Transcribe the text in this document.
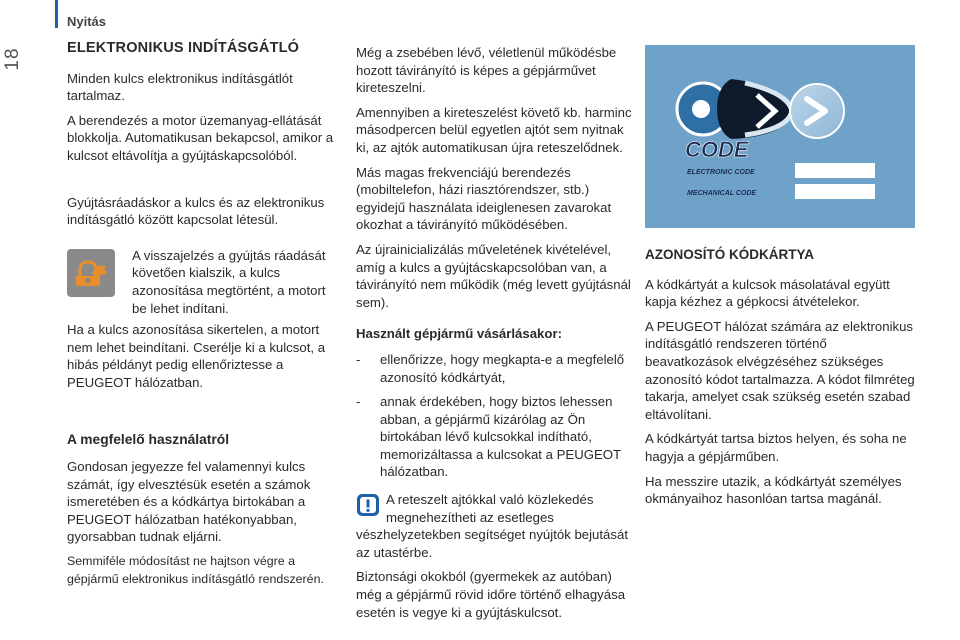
Nyitás
18	ELEKTRONIKUS INDÍTÁSGÁTLÓ

Minden kulcs elektronikus indításgátlót tartalmaz.

A berendezés a motor üzemanyag-ellátását blokkolja. Automatikusan bekapcsol, amikor a kulcsot eltávolítja a gyújtáskapcsolóból.

Gyújtásráadáskor a kulcs és az elektronikus indításgátló között kapcsolat létesül.

A visszajelzés a gyújtás ráadását követően kialszik, a kulcs azonosítása megtörtént, a motort be lehet indítani.

Ha a kulcs azonosítása sikertelen, a motort nem lehet beindítani. Cserélje ki a kulcsot, a hibás példányt pedig ellenőriztesse a PEUGEOT hálózatban.

A megfelelő használatról

Gondosan jegyezze fel valamennyi kulcs számát, így elvesztésük esetén a számok ismeretében és a kódkártya birtokában a PEUGEOT hálózatban hatékonyabban, gyorsabban tudnak eljárni.

Semmiféle módosítást ne hajtson végre a gépjármű elektronikus indításgátló rendszerén.

Még a zsebében lévő, véletlenül működésbe hozott távirányító is képes a gépjárművet kireteszelni.

Amennyiben a kireteszelést követő kb. harminc másodpercen belül egyetlen ajtót sem nyitnak ki, az ajtók automatikusan újra reteszelődnek.

Más magas frekvenciájú berendezés (mobiltelefon, házi riasztórendszer, stb.) egyidejű használata ideiglenesen zavarokat okozhat a távirányító működésében.

Az újrainicializálás műveletének kivételével, amíg a kulcs a gyújtácskapcsolóban van, a távirányító nem működik (még levett gyújtásnál sem).

Használt gépjármű vásárlásakor:
-	ellenőrizze, hogy megkapta-e a megfelelő azonosító kódkártyát,
-	annak érdekében, hogy biztos lehessen abban, a gépjármű kizárólag az Ön birtokában lévő kulcsokkal indítható, memorizáltassa a kulcsokat a PEUGEOT hálózatban.
A reteszelt ajtókkal való közlekedés megnehezítheti az esetleges vészhelyzetekben segítséget nyújtók bejutását az utastérbe.

Biztonsági okokból (gyermekek az autóban) még a gépjármű rövid időre történő elhagyása esetén is vegye ki a gyújtáskulcsot.

CODE
ELECTRONIC CODE
MECHANICAL CODE
AZONOSÍTÓ KÓDKÁRTYA

A kódkártyát a kulcsok másolatával együtt kapja kézhez a gépkocsi átvételekor.

A PEUGEOT hálózat számára az elektronikus indításgátló rendszeren történő beavatkozások elvégzéséhez szükséges azonosító kódot tartalmazza. A kódot filmréteg takarja, amelyet csak szükség esetén szabad eltávolítani.

A kódkártyát tartsa biztos helyen, és soha ne hagyja a gépjárműben.

Ha messzire utazik, a kódkártyát személyes okmányaihoz hasonlóan tartsa magánál.
